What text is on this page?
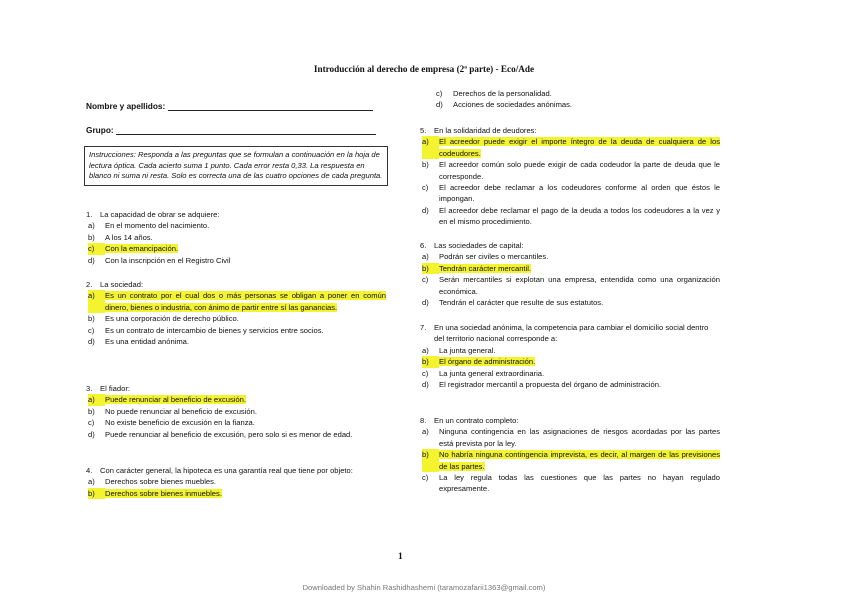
Introducción al derecho de empresa (2ª parte) - Eco/Ade
Nombre y apellidos:
Grupo:
Instrucciones: Responda a las preguntas que se formulan a continuación en la hoja de lectura óptica. Cada acierto suma 1 punto. Cada error resta 0,33. La respuesta en blanco ni suma ni resta. Solo es correcta una de las cuatro opciones de cada pregunta.
1.	La capacidad de obrar se adquiere:
a)	En el momento del nacimiento.
b)	A los 14 años.
c)	Con la emancipación.
d)	Con la inscripción en el Registro Civil
2.	La sociedad:
a)	Es un contrato por el cual dos o más personas se obligan a poner en común dinero, bienes o industria, con ánimo de partir entre sí las ganancias.
b)	Es una corporación de derecho público.
c)	Es un contrato de intercambio de bienes y servicios entre socios.
d)	Es una entidad anónima.
3.	El fiador:
a)	Puede renunciar al beneficio de excusión.
b)	No puede renunciar al beneficio de excusión.
c)	No existe beneficio de excusión en la fianza.
d)	Puede renunciar al beneficio de excusión, pero solo si es menor de edad.
4.	Con carácter general, la hipoteca es una garantía real que tiene por objeto:
a)	Derechos sobre bienes muebles.
b)	Derechos sobre bienes inmuebles.
c)	Derechos de la personalidad.
d)	Acciones de sociedades anónimas.
5.	En la solidaridad de deudores:
a)	El acreedor puede exigir el importe íntegro de la deuda de cualquiera de los codeudores.
b)	El acreedor común solo puede exigir de cada codeudor la parte de deuda que le corresponde.
c)	El acreedor debe reclamar a los codeudores conforme al orden que éstos le impongan.
d)	El acreedor debe reclamar el pago de la deuda a todos los codeudores a la vez y en el mismo procedimiento.
6.	Las sociedades de capital:
a)	Podrán ser civiles o mercantiles.
b)	Tendrán carácter mercantil.
c)	Serán mercantiles si explotan una empresa, entendida como una organización económica.
d)	Tendrán el carácter que resulte de sus estatutos.
7.	En una sociedad anónima, la competencia para cambiar el domicilio social dentro del territorio nacional corresponde a:
a)	La junta general.
b)	El órgano de administración.
c)	La junta general extraordinaria.
d)	El registrador mercantil a propuesta del órgano de administración.
8.	En un contrato completo:
a)	Ninguna contingencia en las asignaciones de riesgos acordadas por las partes está prevista por la ley.
b)	No habría ninguna contingencia imprevista, es decir, al margen de las previsiones de las partes.
c)	La ley regula todas las cuestiones que las partes no hayan regulado expresamente.
1
Downloaded by Shahin Rashidhashemi (taramozafarii1363@gmail.com)
